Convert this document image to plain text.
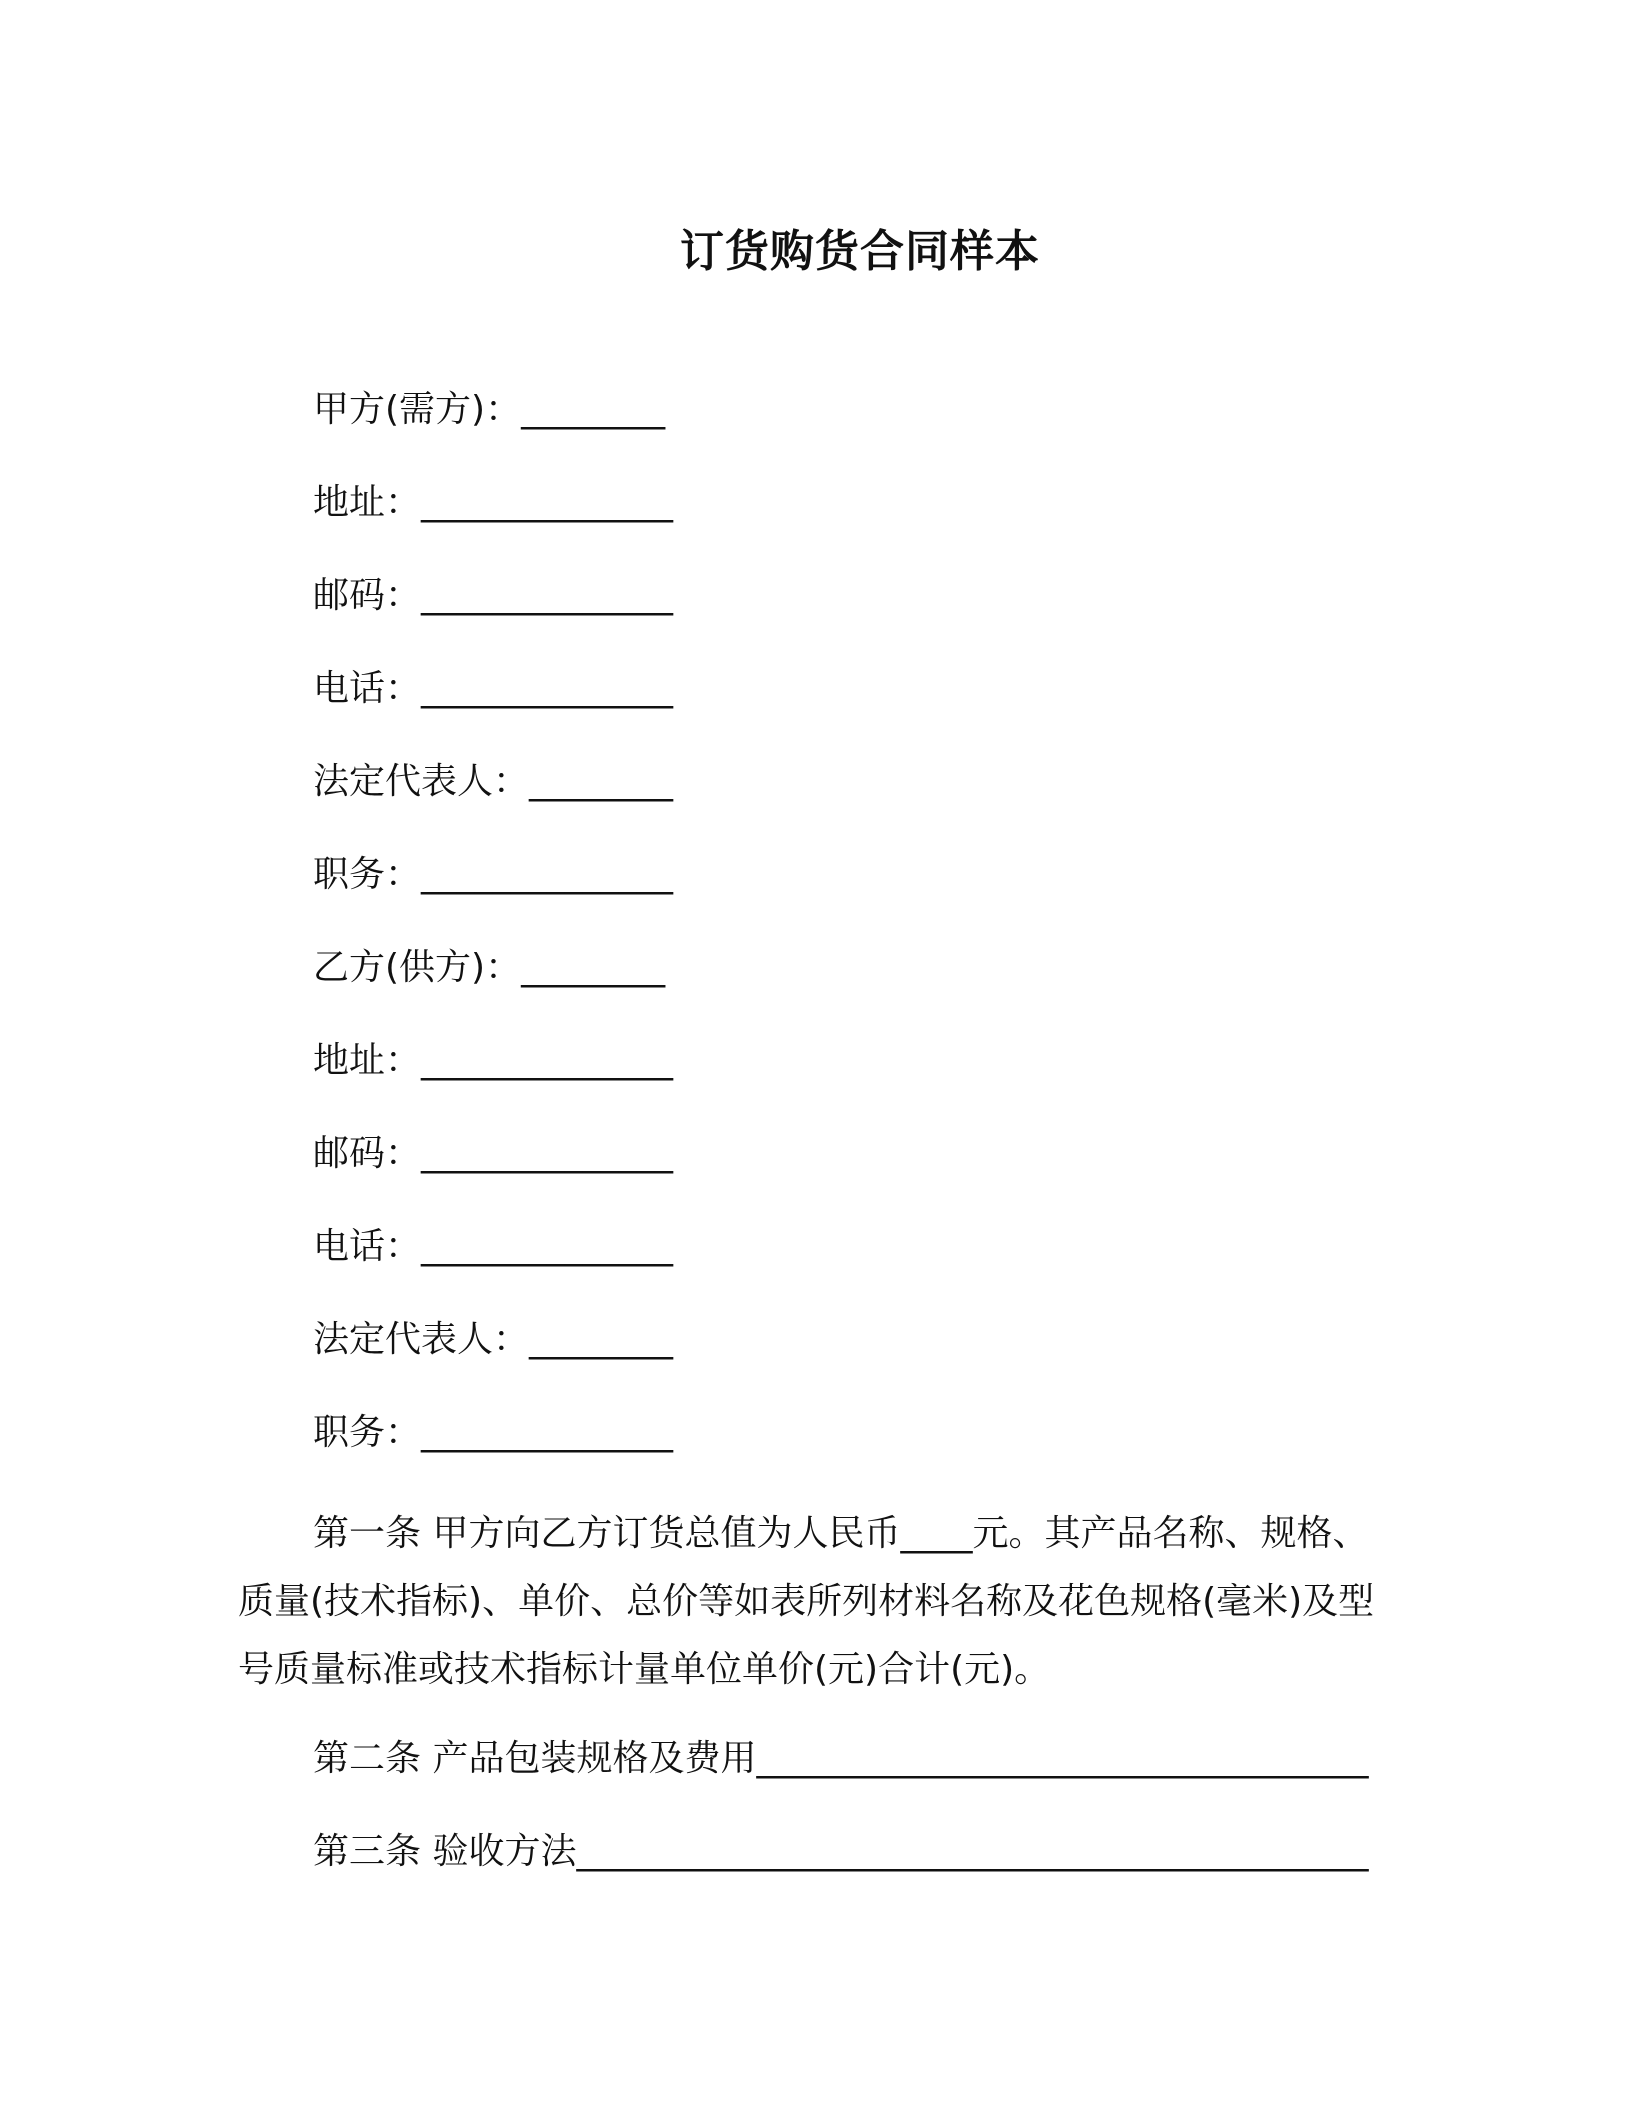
订货购货合同样本
甲方(需方)：________
地址：______________
邮码：______________
电话：______________
法定代表人：________
职务：______________
乙方(供方)：________
地址：______________
邮码：______________
电话：______________
法定代表人：________
职务：______________

第一条 甲方向乙方订货总值为人民币____元。其产品名称、规格、质量(技术指标)、单价、总价等如表所列材料名称及花色规格(毫米)及型号质量标准或技术指标计量单位单价(元)合计(元)。

第二条 产品包装规格及费用__________________________________
第三条 验收方法____________________________________________
